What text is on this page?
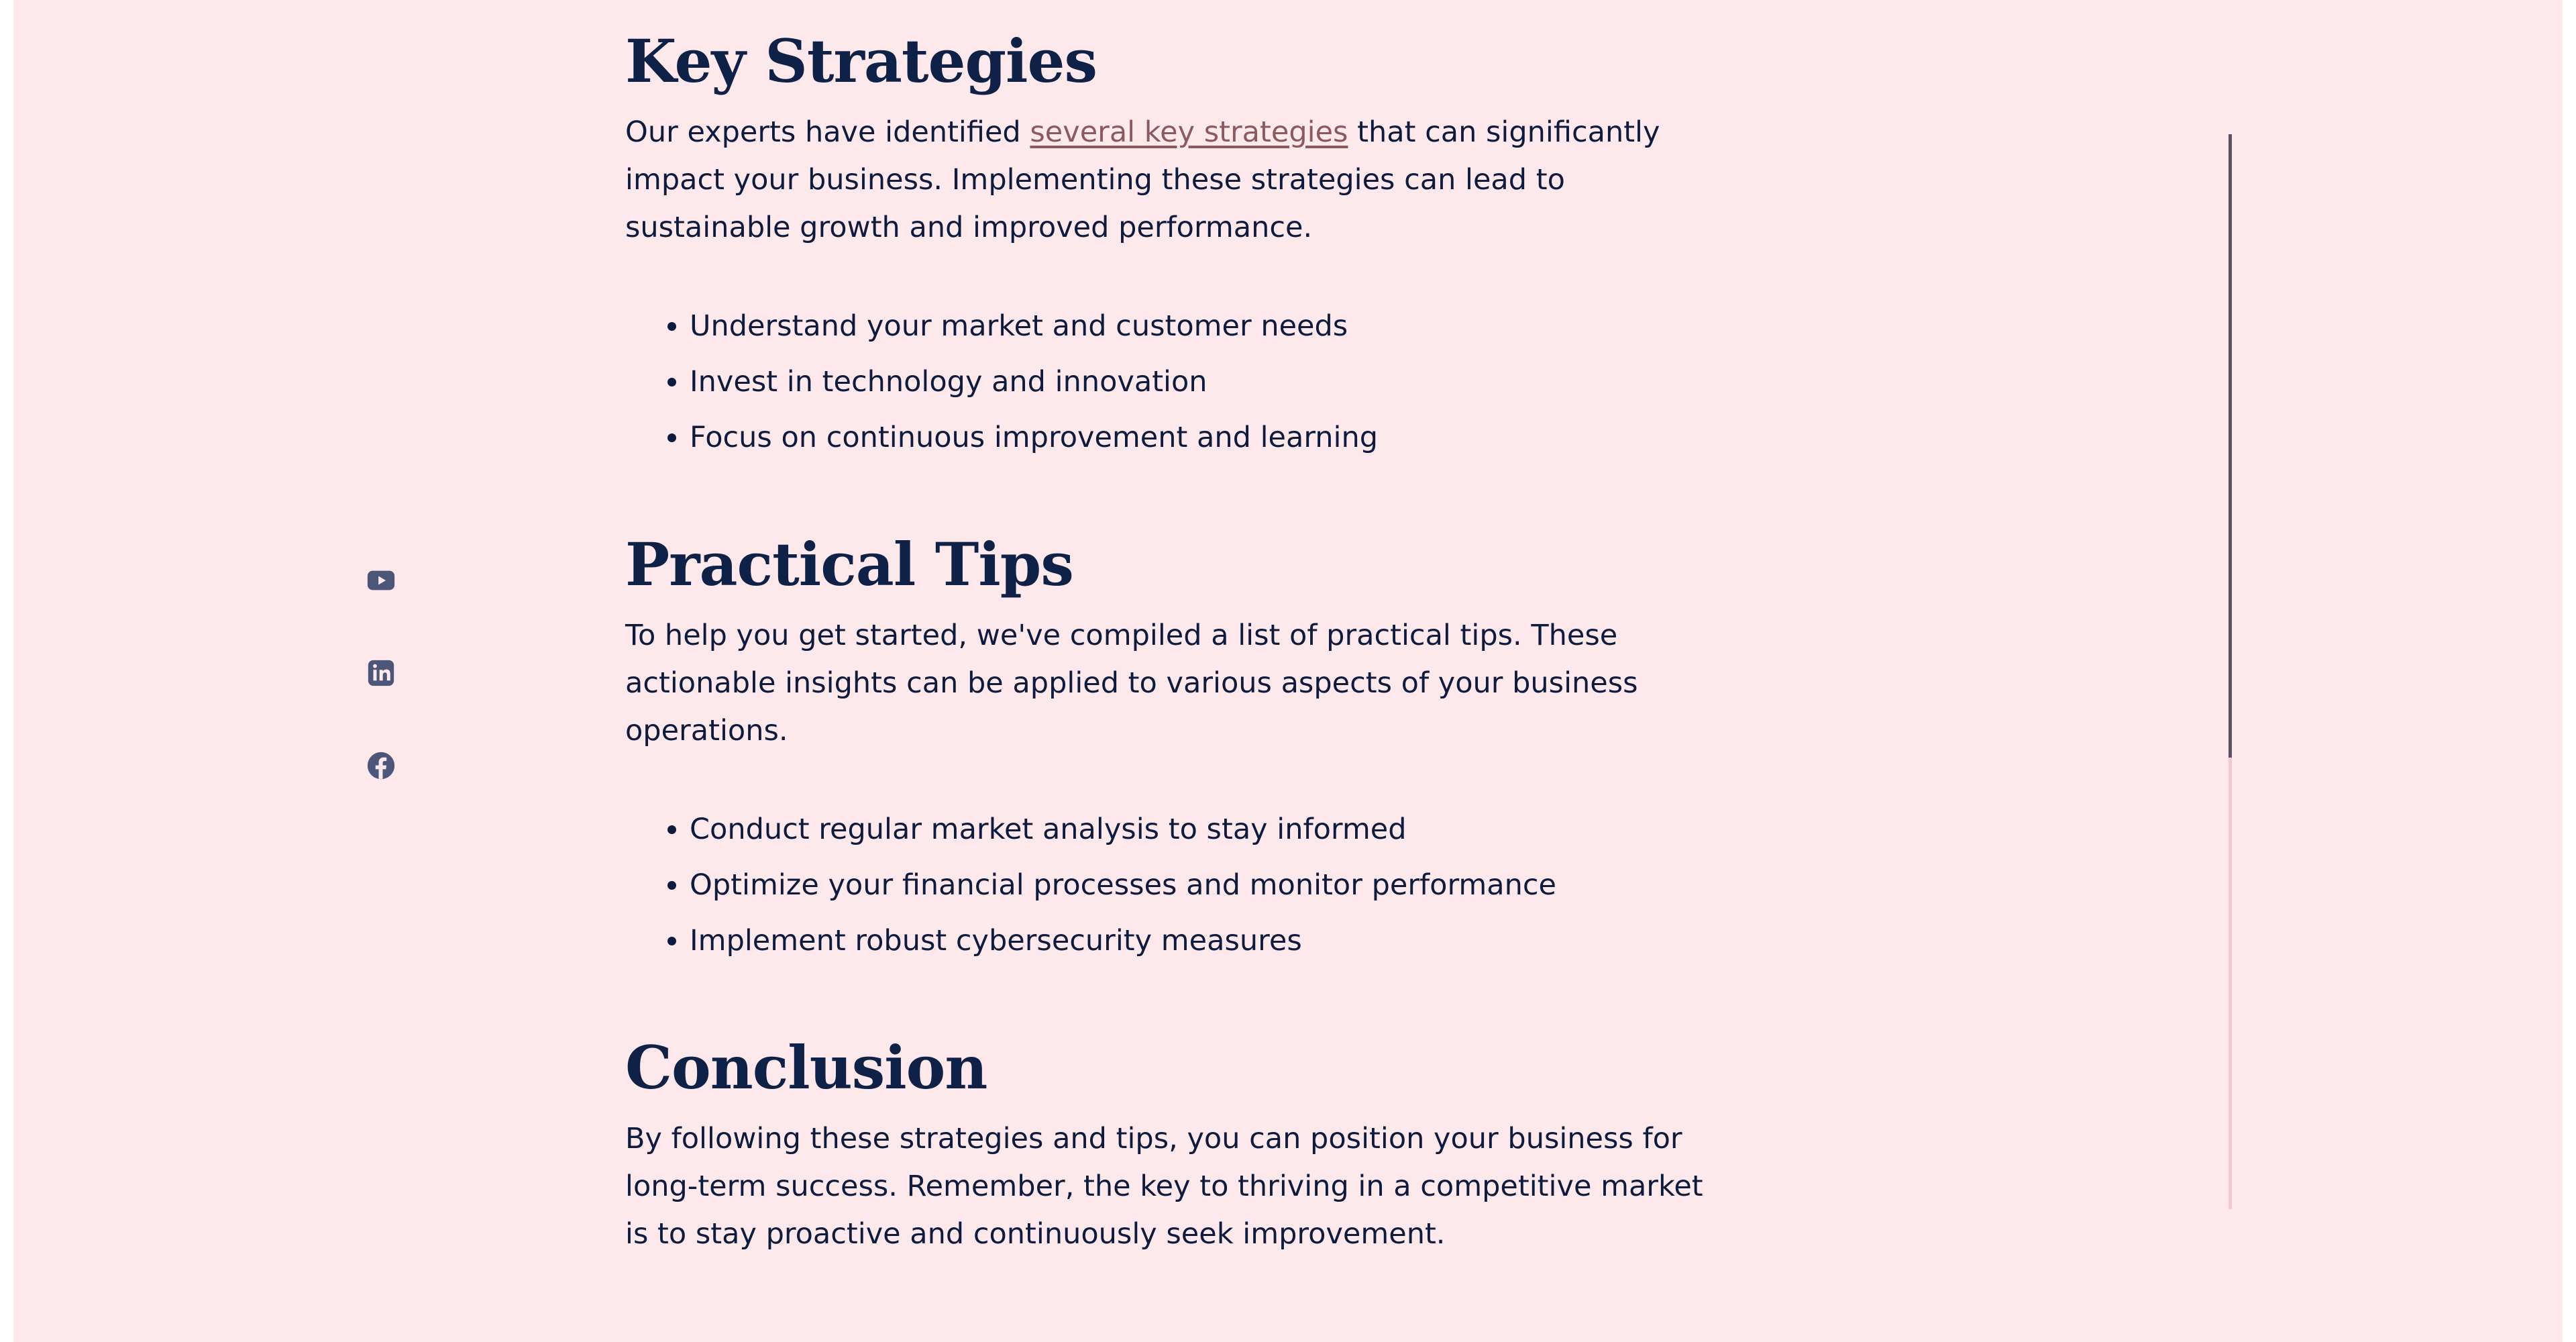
Key Strategies

Our experts have identified several key strategies that can significantly impact your business. Implementing these strategies can lead to sustainable growth and improved performance.

• Understand your market and customer needs
• Invest in technology and innovation
• Focus on continuous improvement and learning
Practical Tips

To help you get started, we've compiled a list of practical tips. These actionable insights can be applied to various aspects of your business operations.

• Conduct regular market analysis to stay informed
• Optimize your financial processes and monitor performance
• Implement robust cybersecurity measures
Conclusion

By following these strategies and tips, you can position your business for long-term success. Remember, the key to thriving in a competitive market is to stay proactive and continuously seek improvement.
